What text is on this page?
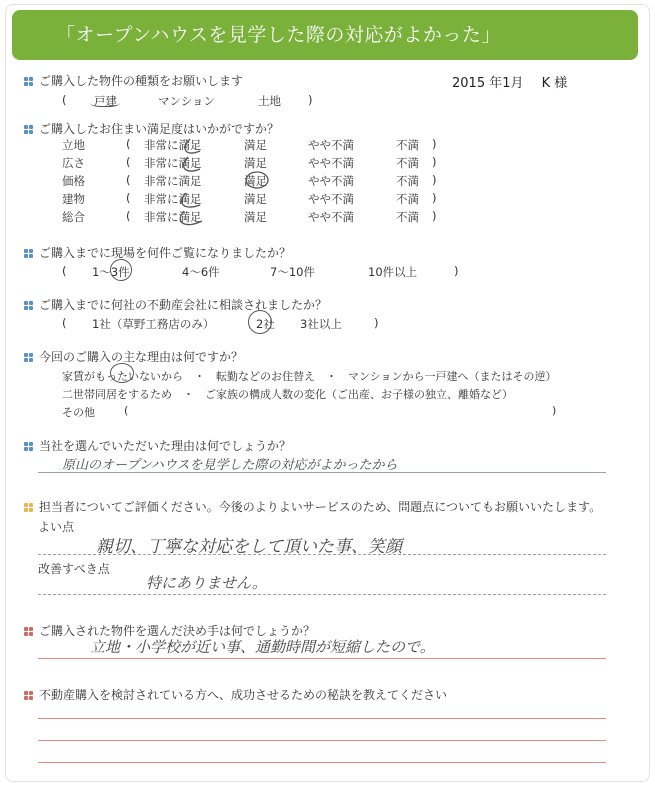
「オープンハウスを見学した際の対応がよかった」
2015 年1月 K 様
ご購入した物件の種類をお願いします
( 戸建	マンション	土地 )
ご購入したお住まい満足度はいかがですか？
立地	( 非常に満足	満足	やや不満	不満 )
広さ	( 非常に満足	満足	やや不満	不満 )
価格	( 非常に満足	満足	やや不満	不満 )
建物	( 非常に満足	満足	やや不満	不満 )
総合	( 非常に満足	満足	やや不満	不満 )
ご購入までに現場を何件ご覧になりましたか？
( 1～3件	4～6件	7～10件	10件以上	)
ご購入までに何社の不動産会社に相談されましたか？
( 1社（草野工務店のみ）	2社 3社以上	)
今回のご購入の主な理由は何ですか？
家賃がもったいないから　・　転勤などのお住替え　・　マンションから一戸建へ（またはその逆）
二世帯同居をするため　・　ご家族の構成人数の変化（ご出産、お子様の独立、離婚など）
その他	(	)
当社を選んでいただいた理由は何でしょうか？
原山のオープンハウスを見学した際の対応がよかったから
担当者についてご評価ください。今後のよりよいサービスのため、問題点についてもお願いいたします。
よい点
親切、丁寧な対応をして頂いた事、笑顔
改善すべき点
特にありません。
ご購入された物件を選んだ決め手は何でしょうか？
立地・小学校が近い事、通勤時間が短縮したので。
不動産購入を検討されている方へ、成功させるための秘訣を教えてください
